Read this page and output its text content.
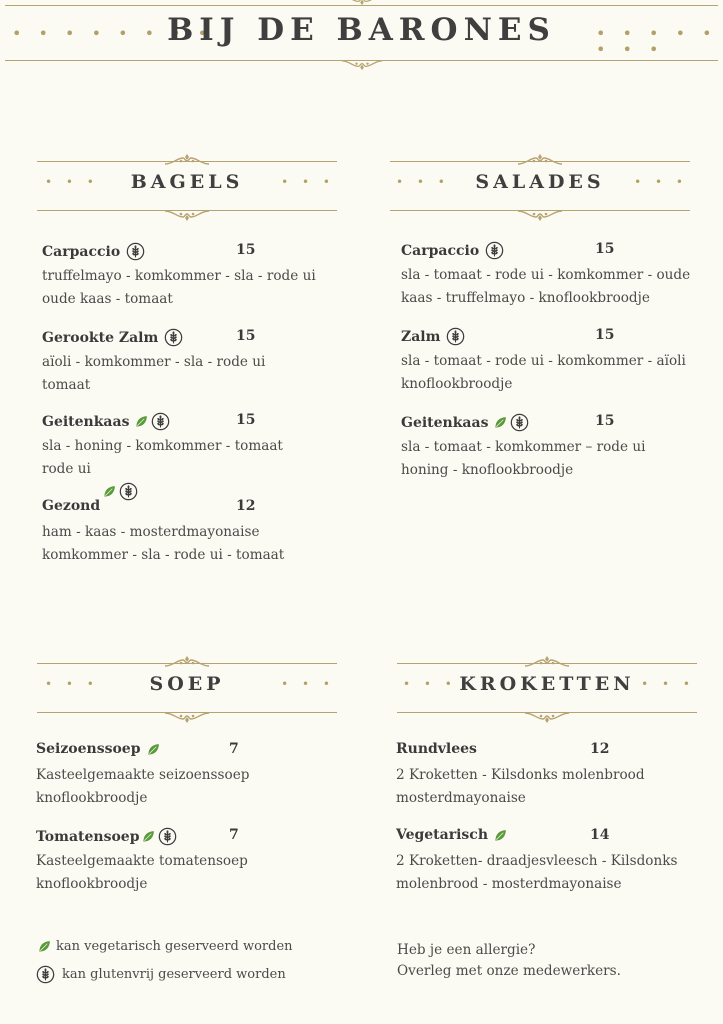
• • • • • • • •	• • • • • • • •
BIJ DE BARONES
• • •	BAGELS	• • •
Carpaccio	15
truffelmayo - komkommer - sla - rode ui
oude kaas - tomaat
Gerookte Zalm	15
aïoli - komkommer - sla - rode ui
tomaat
Geitenkaas	15
sla - honing - komkommer - tomaat
rode ui
Gezond	12
ham - kaas - mosterdmayonaise
komkommer - sla - rode ui - tomaat
• • •	SALADES	• • •
Carpaccio	15
sla - tomaat - rode ui - komkommer - oude
kaas - truffelmayo - knoflookbroodje
Zalm	15
sla - tomaat - rode ui - komkommer - aïoli
knoflookbroodje
Geitenkaas	15
sla - tomaat - komkommer – rode ui
honing - knoflookbroodje
• • •	SOEP	• • •
Seizoenssoep	7
Kasteelgemaakte seizoenssoep
knoflookbroodje
Tomatensoep	7
Kasteelgemaakte tomatensoep
knoflookbroodje
• • • KROKETTEN • • •
Rundvlees	12
2 Kroketten - Kilsdonks molenbrood
mosterdmayonaise
Vegetarisch	14
2 Kroketten- draadjesvleesch - Kilsdonks
molenbrood - mosterdmayonaise
kan vegetarisch geserveerd worden
kan glutenvrij geserveerd worden
Heb je een allergie?
Overleg met onze medewerkers.
